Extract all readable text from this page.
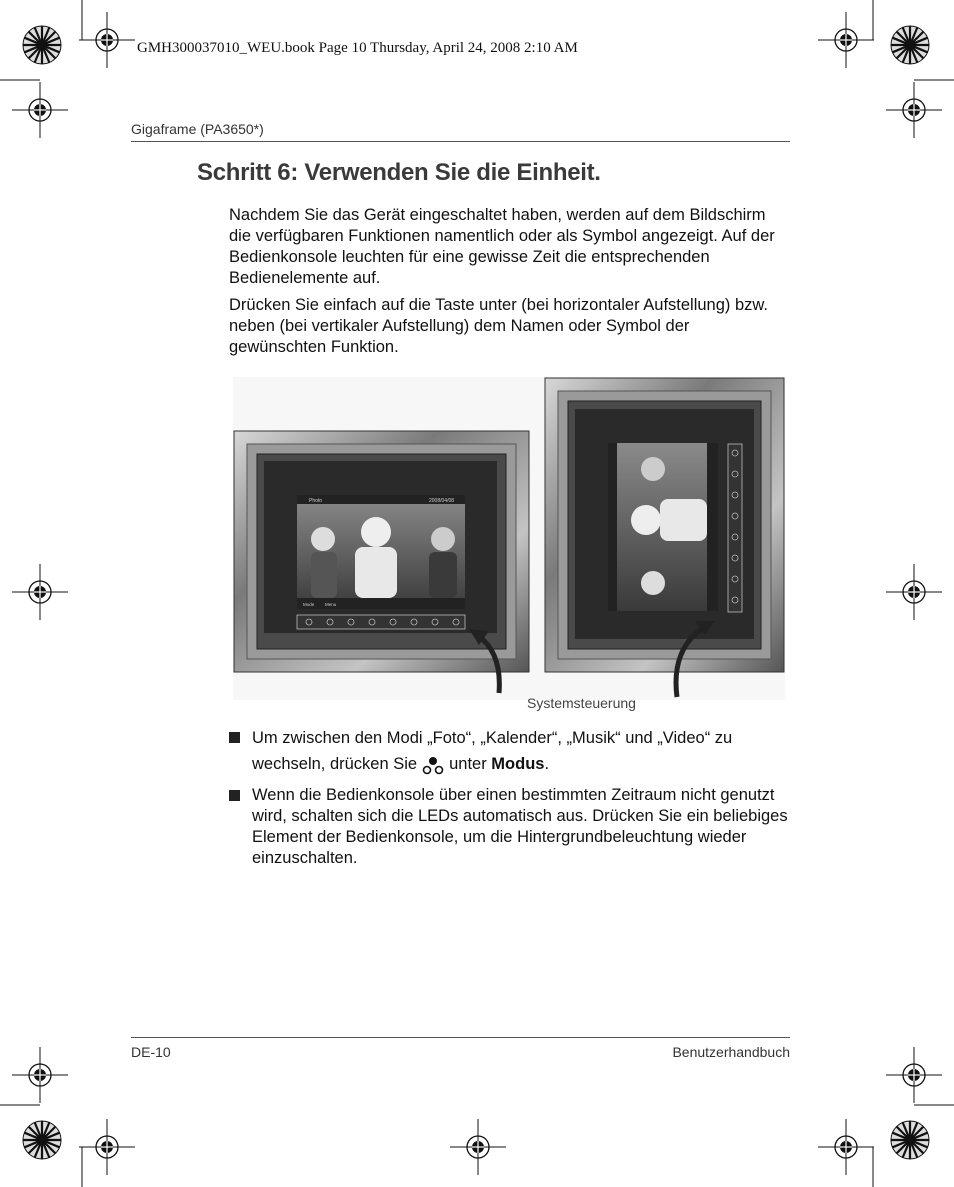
GMH300037010_WEU.book Page 10 Thursday, April 24, 2008 2:10 AM
Gigaframe (PA3650*)
Schritt 6: Verwenden Sie die Einheit.

Nachdem Sie das Gerät eingeschaltet haben, werden auf dem Bildschirm die verfügbaren Funktionen namentlich oder als Symbol angezeigt. Auf der Bedienkonsole leuchten für eine gewisse Zeit die entsprechenden Bedienelemente auf.

Drücken Sie einfach auf die Taste unter (bei horizontaler Aufstellung) bzw. neben (bei vertikaler Aufstellung) dem Namen oder Symbol der gewünschten Funktion.

Photo	2008/04/08
Mode Menu
Systemsteuerung
Um zwischen den Modi „Foto“, „Kalender“, „Musik“ und „Video“ zu wechseln, drücken Sie unter Modus.
Wenn die Bedienkonsole über einen bestimmten Zeitraum nicht genutzt wird, schalten sich die LEDs automatisch aus. Drücken Sie ein beliebiges Element der Bedienkonsole, um die Hintergrundbeleuchtung wieder einzuschalten.
DE-10	Benutzerhandbuch
